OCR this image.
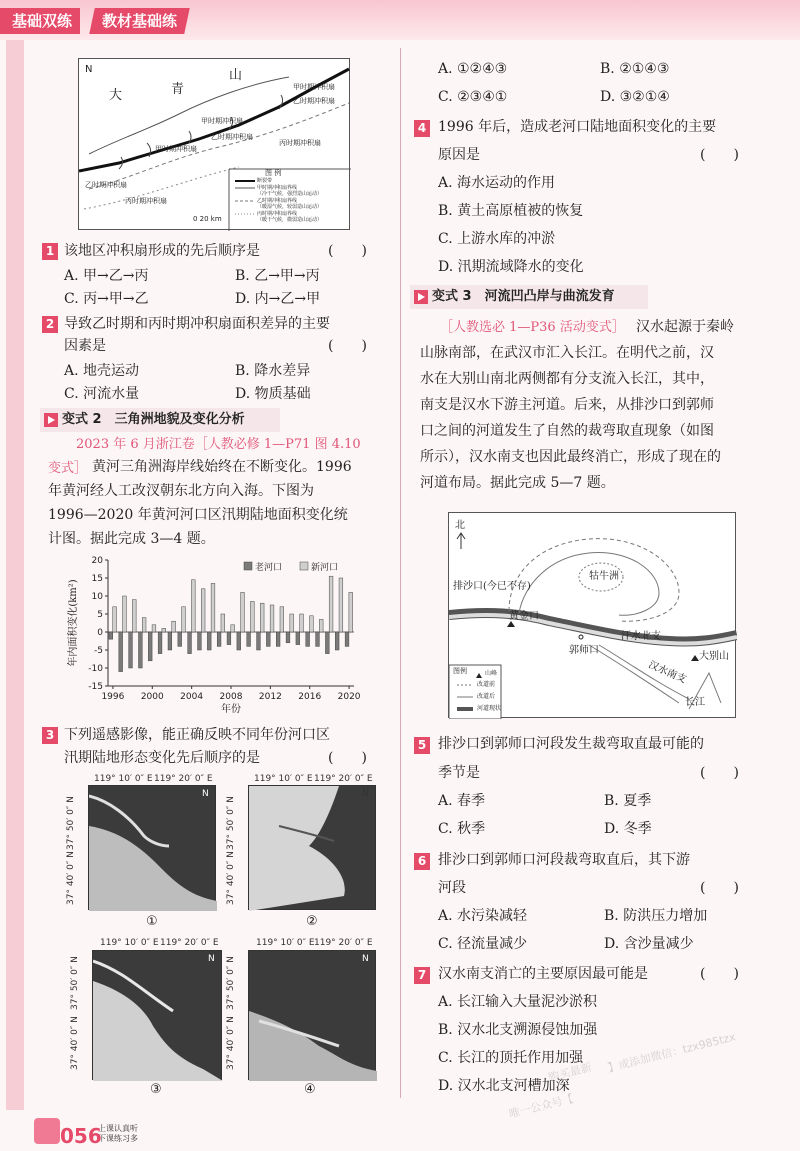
基础双练	教材基础练
N
大	青
山
甲时期冲积扇
乙时期冲积扇
甲时期冲积扇
乙时期冲积扇
甲时期冲积扇
乙时期冲积扇
丙时期冲积扇
丙时期冲积扇
0 20 km
图 例
断裂带
甲时期冲积扇界线
（冷干气候，强烈造山运动）
乙时期冲积扇界线
（暖湿气候，较弱造山运动）
丙时期冲积扇界线
（暖干气候，微弱造山运动）
1 该地区冲积扇形成的先后顺序是	(　　)
A. 甲→乙→丙	B. 乙→甲→丙
C. 丙→甲→乙	D. 内→乙→甲
2 导致乙时期和丙时期冲积扇面积差异的主要
因素是	(　　)
A. 地壳运动	B. 降水差异
C. 河流水量	D. 物质基础
变式 2　三角洲地貌及变化分析
2023 年 6 月浙江卷［人教必修 1—P71 图 4.10
变式］ 黄河三角洲海岸线始终在不断变化。1996
年黄河经人工改汊朝东北方向入海。下图为
1996—2020 年黄河河口区汛期陆地面积变化统
计图。据此完成 3—4 题。
-15
-10
-5
0
5
10
15
20
1996 2000 2004 2008 2012 2016 2020
年内面积变化(km²)
年份
老河口	新河口
3 下列遥感影像，能正确反映不同年份河口区
汛期陆地形态变化先后顺序的是	(　　)
119° 10′ 0″ E 119° 20′ 0″ E	119° 10′ 0″ E 119° 20′ 0″ E
37° 50′ 0″ N
37° 40′ 0″ N
37° 50′ 0″ N
37° 40′ 0″ N
N	N
①	②
119° 10′ 0″ E 119° 20′ 0″ E	119° 10′ 0″ E 119° 20′ 0″ E
37° 50′ 0″ N
37° 40′ 0″ N
37° 50′ 0″ N
37° 40′ 0″ N
N	N
③	④
A. ①②④③	B. ②①④③
C. ②③④①	D. ③②①④
4 1996 年后，造成老河口陆地面积变化的主要
原因是	(　　)
A. 海水运动的作用
B. 黄土高原植被的恢复
C. 上游水库的冲淤
D. 汛期流域降水的变化
变式 3　河流凹凸岸与曲流发育
［人教选必 1—P36 活动变式］ 汉水起源于秦岭
山脉南部，在武汉市汇入长江。在明代之前，汉
水在大别山南北两侧都有分支流入长江，其中，
南支是汉水下游主河道。后来，从排沙口到郭师
口之间的河道发生了自然的裁弯取直现象（如图
所示），汉水南支也因此最终消亡，形成了现在的
河道布局。据此完成 5—7 题。
北
排沙口(今已不存)
牯牛洲
黄金口
郭师口
汗水北支
汉水南支
大别山
长江
图例	山峰
改道前
改道后
河道现状
5 排沙口到郭师口河段发生裁弯取直最可能的
季节是	(　　)
A. 春季	B. 夏季
C. 秋季	D. 冬季
6 排沙口到郭师口河段裁弯取直后，其下游
河段	(　　)
A. 水污染减轻	B. 防洪压力增加
C. 径流量减少	D. 含沙量减少
7 汉水南支消亡的主要原因最可能是	(　　)
A. 长江输入大量泥沙淤积
B. 汉水北支溯源侵蚀加强
C. 长江的顶托作用加强
D. 汉水北支河槽加深
购买最新
唯一公众号【
】或添加微信：tzx985tzx
056
上课认真听
下课练习多
